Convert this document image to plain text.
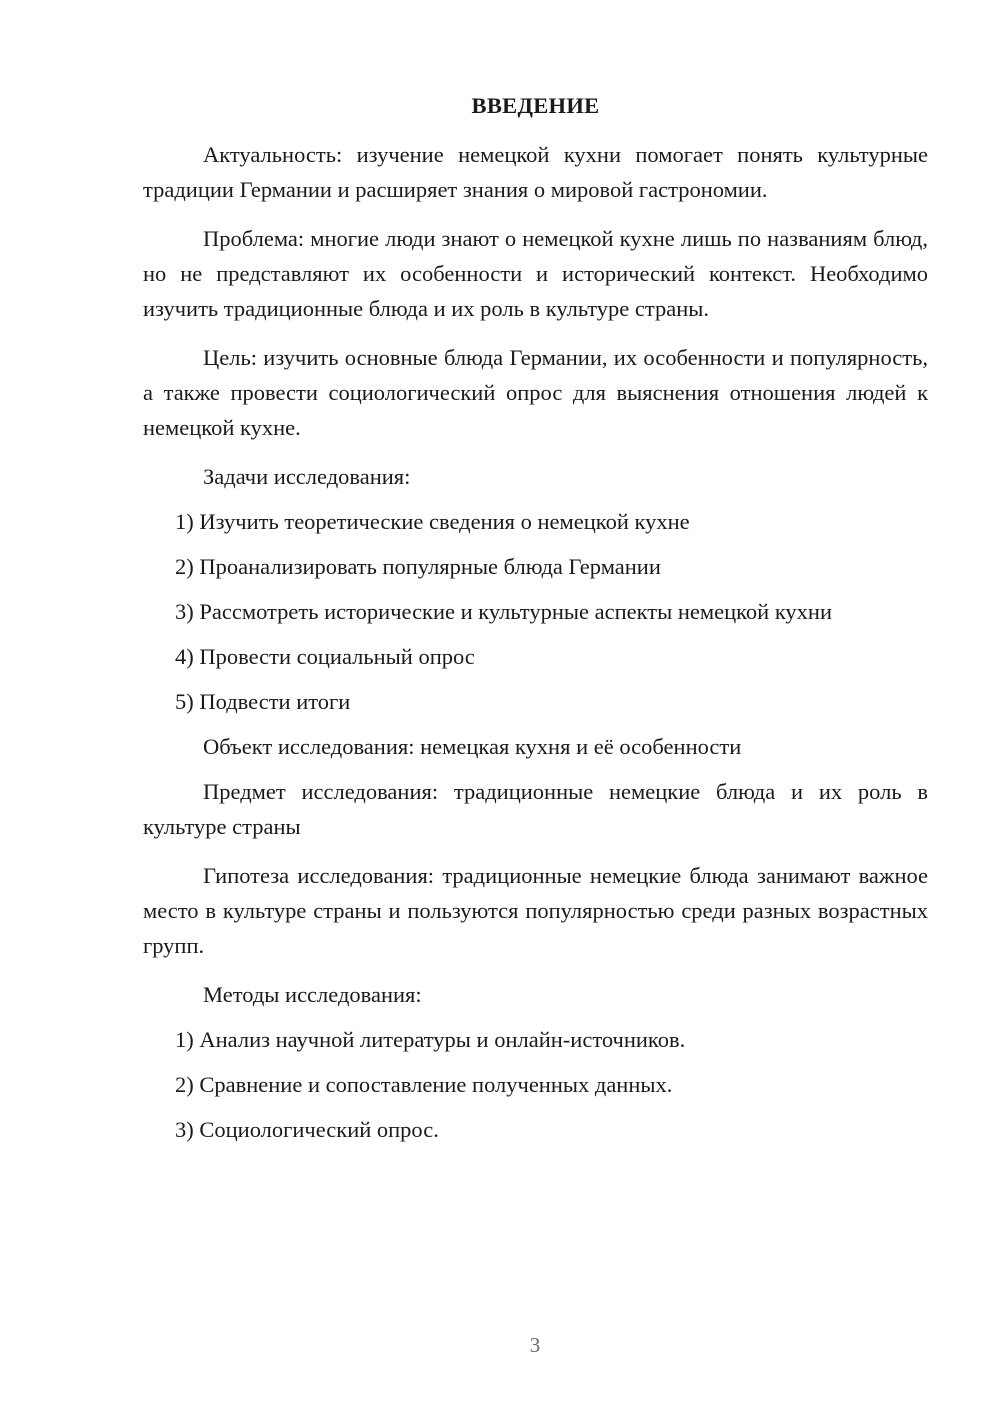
ВВЕДЕНИЕ

Актуальность: изучение немецкой кухни помогает понять культурные традиции Германии и расширяет знания о мировой гастрономии.

Проблема: многие люди знают о немецкой кухне лишь по названиям блюд, но не представляют их особенности и исторический контекст. Необходимо изучить традиционные блюда и их роль в культуре страны.

Цель: изучить основные блюда Германии, их особенности и популярность, а также провести социологический опрос для выяснения отношения людей к немецкой кухне.

Задачи исследования:
1) Изучить теоретические сведения о немецкой кухне
2) Проанализировать популярные блюда Германии
3) Рассмотреть исторические и культурные аспекты немецкой кухни
4) Провести социальный опрос
5) Подвести итоги
Объект исследования: немецкая кухня и её особенности

Предмет исследования: традиционные немецкие блюда и их роль в культуре страны

Гипотеза исследования: традиционные немецкие блюда занимают важное место в культуре страны и пользуются популярностью среди разных возрастных групп.

Методы исследования:
1) Анализ научной литературы и онлайн-источников.
2) Сравнение и сопоставление полученных данных.
3) Социологический опрос.
3
